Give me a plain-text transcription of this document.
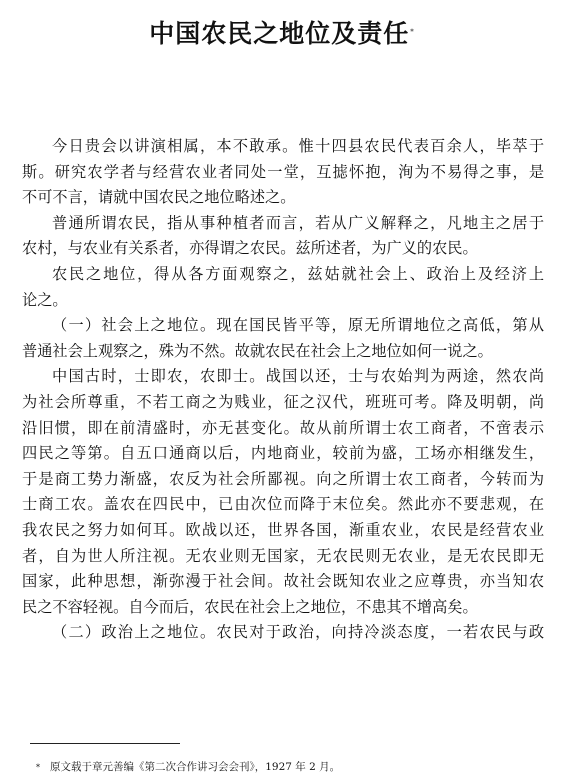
中国农民之地位及责任*
今日贵会以讲演相属，本不敢承。惟十四县农民代表百余人，毕萃于
斯。研究农学者与经营农业者同处一堂，互摅怀抱，洵为不易得之事，是
不可不言，请就中国农民之地位略述之。
普通所谓农民，指从事种植者而言，若从广义解释之，凡地主之居于
农村，与农业有关系者，亦得谓之农民。兹所述者，为广义的农民。
农民之地位，得从各方面观察之，兹姑就社会上、政治上及经济上
论之。
（一）社会上之地位。现在国民皆平等，原无所谓地位之高低，第从
普通社会上观察之，殊为不然。故就农民在社会上之地位如何一说之。
中国古时，士即农，农即士。战国以还，士与农始判为两途，然农尚
为社会所尊重，不若工商之为贱业，征之汉代，班班可考。降及明朝，尚
沿旧惯，即在前清盛时，亦无甚变化。故从前所谓士农工商者，不啻表示
四民之等第。自五口通商以后，内地商业，较前为盛，工场亦相继发生，
于是商工势力渐盛，农反为社会所鄙视。向之所谓士农工商者，今转而为
士商工农。盖农在四民中，已由次位而降于末位矣。然此亦不要悲观，在
我农民之努力如何耳。欧战以还，世界各国，渐重农业，农民是经营农业
者，自为世人所注视。无农业则无国家，无农民则无农业，是无农民即无
国家，此种思想，渐弥漫于社会间。故社会既知农业之应尊贵，亦当知农
民之不容轻视。自今而后，农民在社会上之地位，不患其不增高矣。
（二）政治上之地位。农民对于政治，向持冷淡态度，一若农民与政
* 原文载于章元善编《第二次合作讲习会会刊》，1927 年 2 月。
